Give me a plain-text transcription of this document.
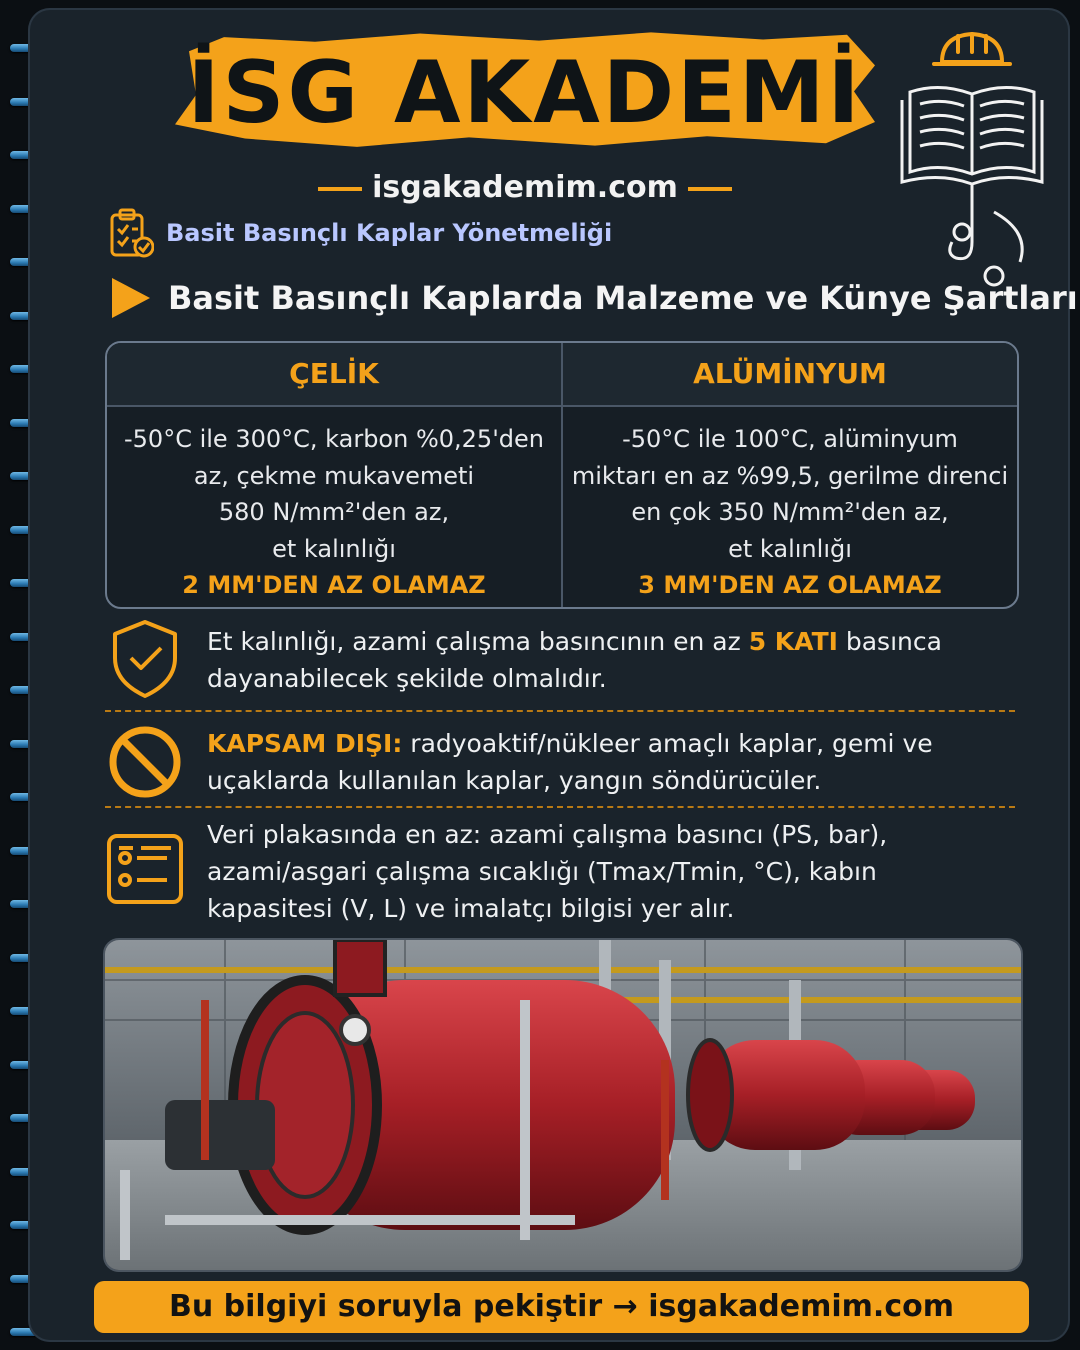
İSG AKADEMİ
isgakademim.com
Basit Basınçlı Kaplar Yönetmeliği
Basit Basınçlı Kaplarda Malzeme ve Künye Şartları
ÇELİK	ALÜMİNYUM
-50°C ile 300°C, karbon %0,25'den
az, çekme mukavemeti
580 N/mm²'den az,
et kalınlığı
2 MM'DEN AZ OLAMAZ
-50°C ile 100°C, alüminyum
miktarı en az %99,5, gerilme direnci
en çok 350 N/mm²'den az,
et kalınlığı
3 MM'DEN AZ OLAMAZ
Et kalınlığı, azami çalışma basıncının en az 5 KATI basınca dayanabilecek şekilde olmalıdır.
KAPSAM DIŞI: radyoaktif/nükleer amaçlı kaplar, gemi ve uçaklarda kullanılan kaplar, yangın söndürücüler.
Veri plakasında en az: azami çalışma basıncı (PS, bar), azami/asgari çalışma sıcaklığı (Tmax/Tmin, °C), kabın kapasitesi (V, L) ve imalatçı bilgisi yer alır.
Bu bilgiyi soruyla pekiştir → isgakademim.com
